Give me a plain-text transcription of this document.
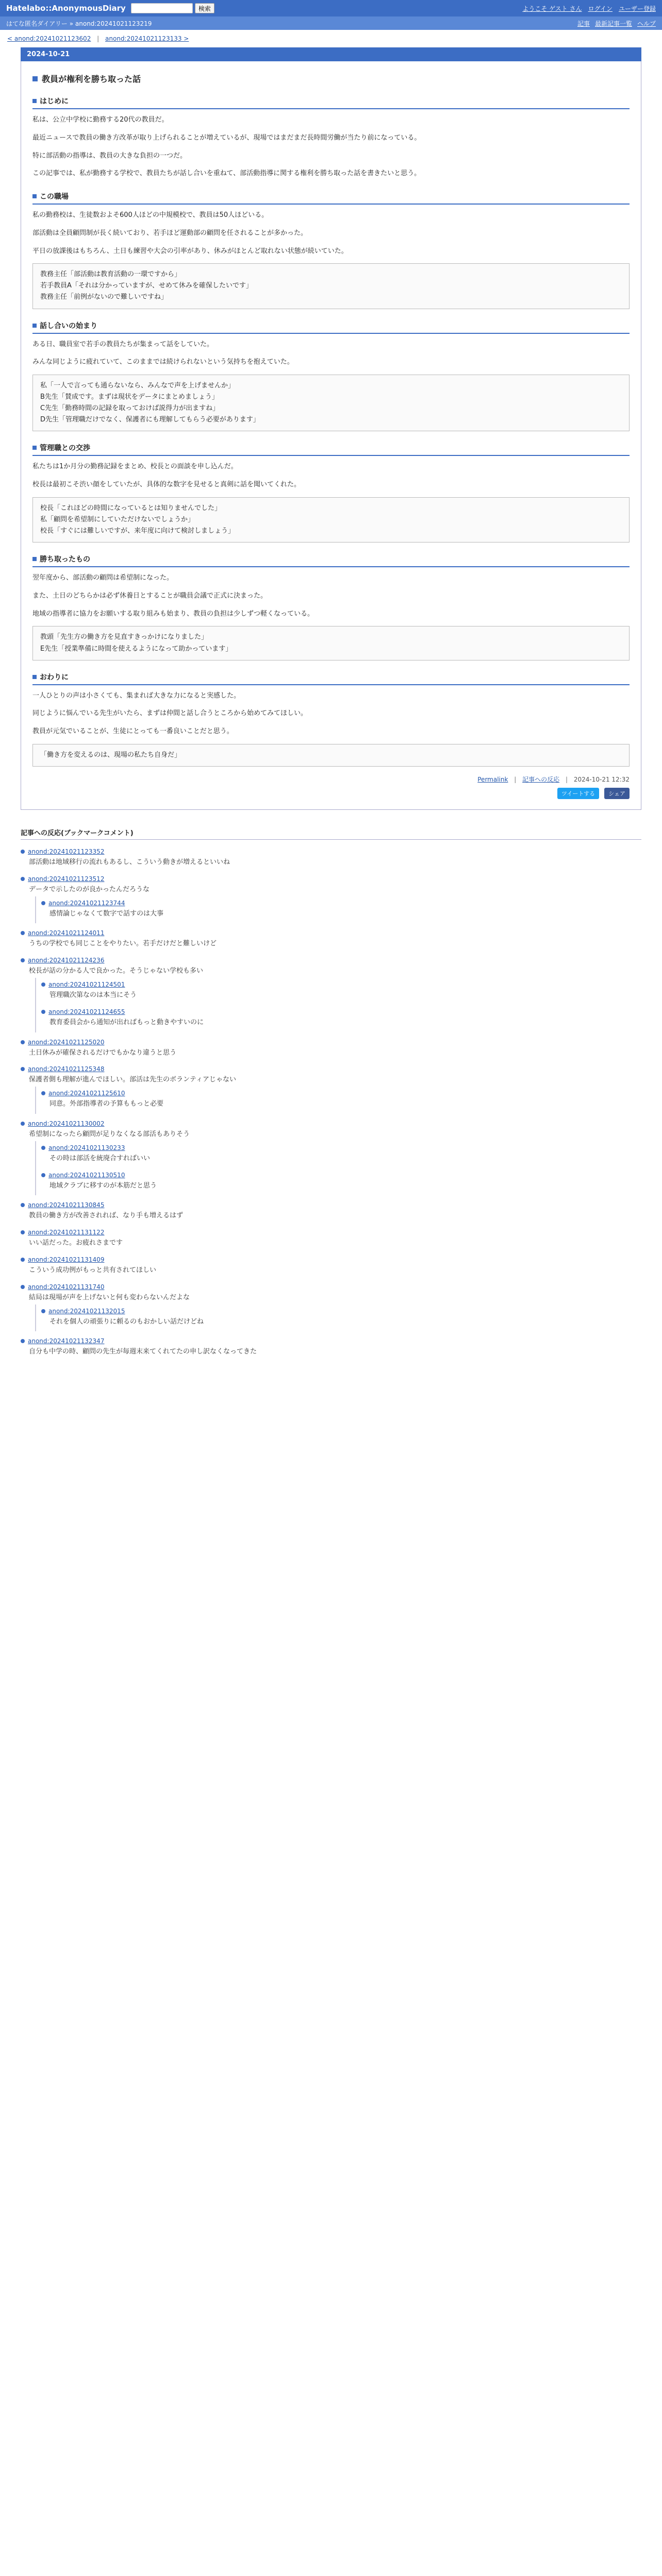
Hatelabo::AnonymousDiary	検索	ようこそ ゲスト さん ログイン ユーザー登録
はてな匿名ダイアリー » anond:20241021123219	記事 最新記事一覧 ヘルプ
< anond:20241021123602 | anond:20241021123133 >
2024-10-21
教員が権利を勝ち取った話
はじめに

私は、公立中学校に勤務する20代の教員だ。

最近ニュースで教員の働き方改革が取り上げられることが増えているが、現場ではまだまだ長時間労働が当たり前になっている。

特に部活動の指導は、教員の大きな負担の一つだ。

この記事では、私が勤務する学校で、教員たちが話し合いを重ねて、部活動指導に関する権利を勝ち取った話を書きたいと思う。

この職場

私の勤務校は、生徒数およそ600人ほどの中規模校で、教員は50人ほどいる。

部活動は全員顧問制が長く続いており、若手ほど運動部の顧問を任されることが多かった。

平日の放課後はもちろん、土日も練習や大会の引率があり、休みがほとんど取れない状態が続いていた。

教務主任「部活動は教育活動の一環ですから」

若手教員A「それは分かっていますが、せめて休みを確保したいです」

教務主任「前例がないので難しいですね」

話し合いの始まり

ある日、職員室で若手の教員たちが集まって話をしていた。

みんな同じように疲れていて、このままでは続けられないという気持ちを抱えていた。

私「一人で言っても通らないなら、みんなで声を上げませんか」

B先生「賛成です。まずは現状をデータにまとめましょう」

C先生「勤務時間の記録を取っておけば説得力が出ますね」

D先生「管理職だけでなく、保護者にも理解してもらう必要があります」

管理職との交渉

私たちは1か月分の勤務記録をまとめ、校長との面談を申し込んだ。

校長は最初こそ渋い顔をしていたが、具体的な数字を見せると真剣に話を聞いてくれた。

校長「これほどの時間になっているとは知りませんでした」

私「顧問を希望制にしていただけないでしょうか」

校長「すぐには難しいですが、来年度に向けて検討しましょう」

勝ち取ったもの

翌年度から、部活動の顧問は希望制になった。

また、土日のどちらかは必ず休養日とすることが職員会議で正式に決まった。

地域の指導者に協力をお願いする取り組みも始まり、教員の負担は少しずつ軽くなっている。

教頭「先生方の働き方を見直すきっかけになりました」

E先生「授業準備に時間を使えるようになって助かっています」

おわりに

一人ひとりの声は小さくても、集まれば大きな力になると実感した。

同じように悩んでいる先生がいたら、まずは仲間と話し合うところから始めてみてほしい。

教員が元気でいることが、生徒にとっても一番良いことだと思う。

「働き方を変えるのは、現場の私たち自身だ」

Permalink | 記事への反応 | 2024-10-21 12:32
ツイートする シェア
記事への反応(ブックマークコメント)
anond:20241021123352
部活動は地域移行の流れもあるし、こういう動きが増えるといいね
anond:20241021123512
データで示したのが良かったんだろうな
anond:20241021123744
感情論じゃなくて数字で話すのは大事
anond:20241021124011
うちの学校でも同じことをやりたい。若手だけだと難しいけど
anond:20241021124236
校長が話の分かる人で良かった。そうじゃない学校も多い
anond:20241021124501
管理職次第なのは本当にそう
anond:20241021124655
教育委員会から通知が出ればもっと動きやすいのに
anond:20241021125020
土日休みが確保されるだけでもかなり違うと思う
anond:20241021125348
保護者側も理解が進んでほしい。部活は先生のボランティアじゃない
anond:20241021125610
同意。外部指導者の予算ももっと必要
anond:20241021130002
希望制になったら顧問が足りなくなる部活もありそう
anond:20241021130233
その時は部活を統廃合すればいい
anond:20241021130510
地域クラブに移すのが本筋だと思う
anond:20241021130845
教員の働き方が改善されれば、なり手も増えるはず
anond:20241021131122
いい話だった。お疲れさまです
anond:20241021131409
こういう成功例がもっと共有されてほしい
anond:20241021131740
結局は現場が声を上げないと何も変わらないんだよな
anond:20241021132015
それを個人の頑張りに頼るのもおかしい話だけどね
anond:20241021132347
自分も中学の時、顧問の先生が毎週末来てくれてたの申し訳なくなってきた
